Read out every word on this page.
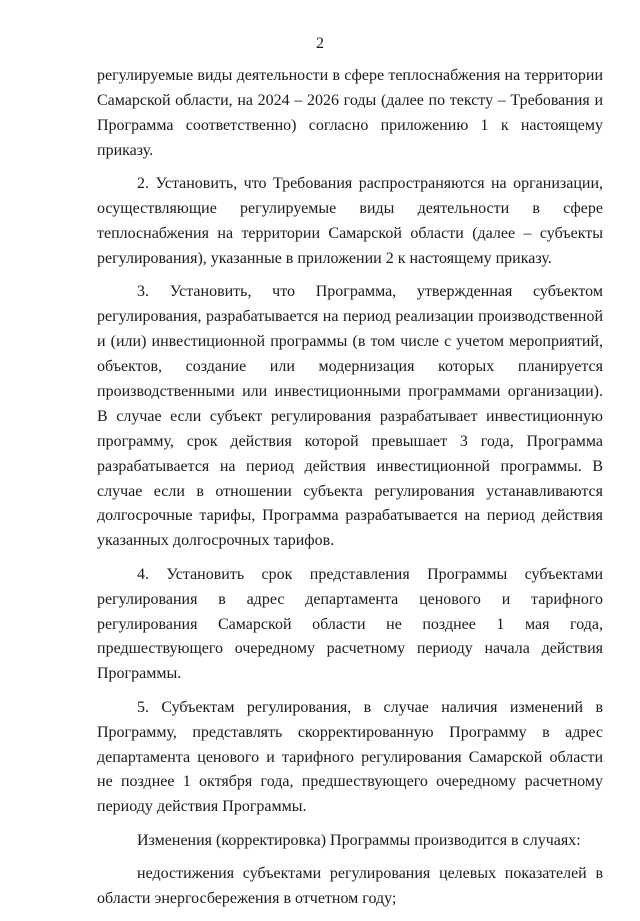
2

регулируемые виды деятельности в сфере теплоснабжения на территории Самарской области, на 2024 – 2026 годы (далее по тексту – Требования и Программа соответственно) согласно приложению 1 к настоящему приказу.

2. Установить, что Требования распространяются на организации, осуществляющие регулируемые виды деятельности в сфере теплоснабжения на территории Самарской области (далее – субъекты регулирования), указанные в приложении 2 к настоящему приказу.

3. Установить, что Программа, утвержденная субъектом регулирования, разрабатывается на период реализации производственной и (или) инвестиционной программы (в том числе с учетом мероприятий, объектов, создание или модернизация которых планируется производственными или инвестиционными программами организации). В случае если субъект регулирования разрабатывает инвестиционную программу, срок действия которой превышает 3 года, Программа разрабатывается на период действия инвестиционной программы. В случае если в отношении субъекта регулирования устанавливаются долгосрочные тарифы, Программа разрабатывается на период действия указанных долгосрочных тарифов.

4. Установить срок представления Программы субъектами регулирования в адрес департамента ценового и тарифного регулирования Самарской области не позднее 1 мая года, предшествующего очередному расчетному периоду начала действия Программы.

5. Субъектам регулирования, в случае наличия изменений в Программу, представлять скорректированную Программу в адрес департамента ценового и тарифного регулирования Самарской области не позднее 1 октября года, предшествующего очередному расчетному периоду действия Программы.

Изменения (корректировка) Программы производится в случаях:

недостижения субъектами регулирования целевых показателей в области энергосбережения в отчетном году;
